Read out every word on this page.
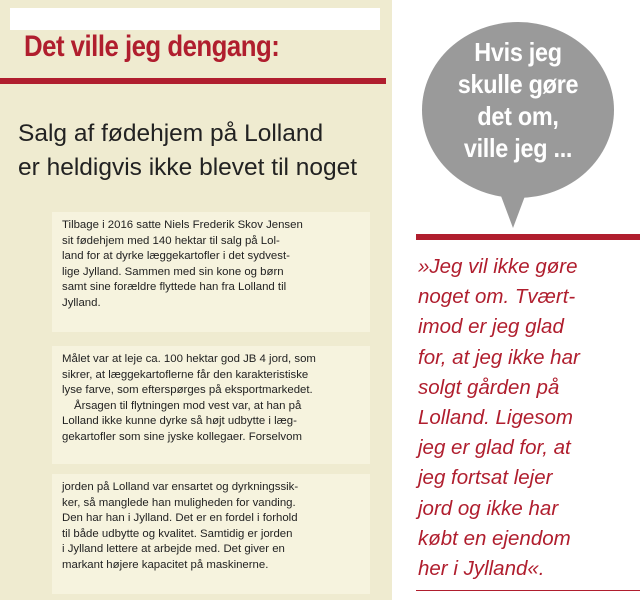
Det ville jeg dengang:
Salg af fødehjem på Lolland
er heldigvis ikke blevet til noget

Tilbage i 2016 satte Niels Frederik Skov Jensen

sit fødehjem med 140 hektar til salg på Lol-

land for at dyrke læggekartofler i det sydvest-

lige Jylland. Sammen med sin kone og børn

samt sine forældre flyttede han fra Lolland til

Jylland.

Målet var at leje ca. 100 hektar god JB 4 jord, som

sikrer, at læggekartoflerne får den karakteristiske

lyse farve, som efterspørges på eksportmarkedet.

Årsagen til flytningen mod vest var, at han på

Lolland ikke kunne dyrke så højt udbytte i læg-

gekartofler som sine jyske kollegaer. Forselvom

jorden på Lolland var ensartet og dyrkningssik-

ker, så manglede han muligheden for vanding.

Den har han i Jylland. Det er en fordel i forhold

til både udbytte og kvalitet. Samtidig er jorden

i Jylland lettere at arbejde med. Det giver en

markant højere kapacitet på maskinerne.

Hvis jeg
skulle gøre
det om,
ville jeg ...
»Jeg vil ikke gøre
noget om. Tvært-
imod er jeg glad
for, at jeg ikke har
solgt gården på
Lolland. Ligesom
jeg er glad for, at
jeg fortsat lejer
jord og ikke har
købt en ejendom
her i Jylland«.
